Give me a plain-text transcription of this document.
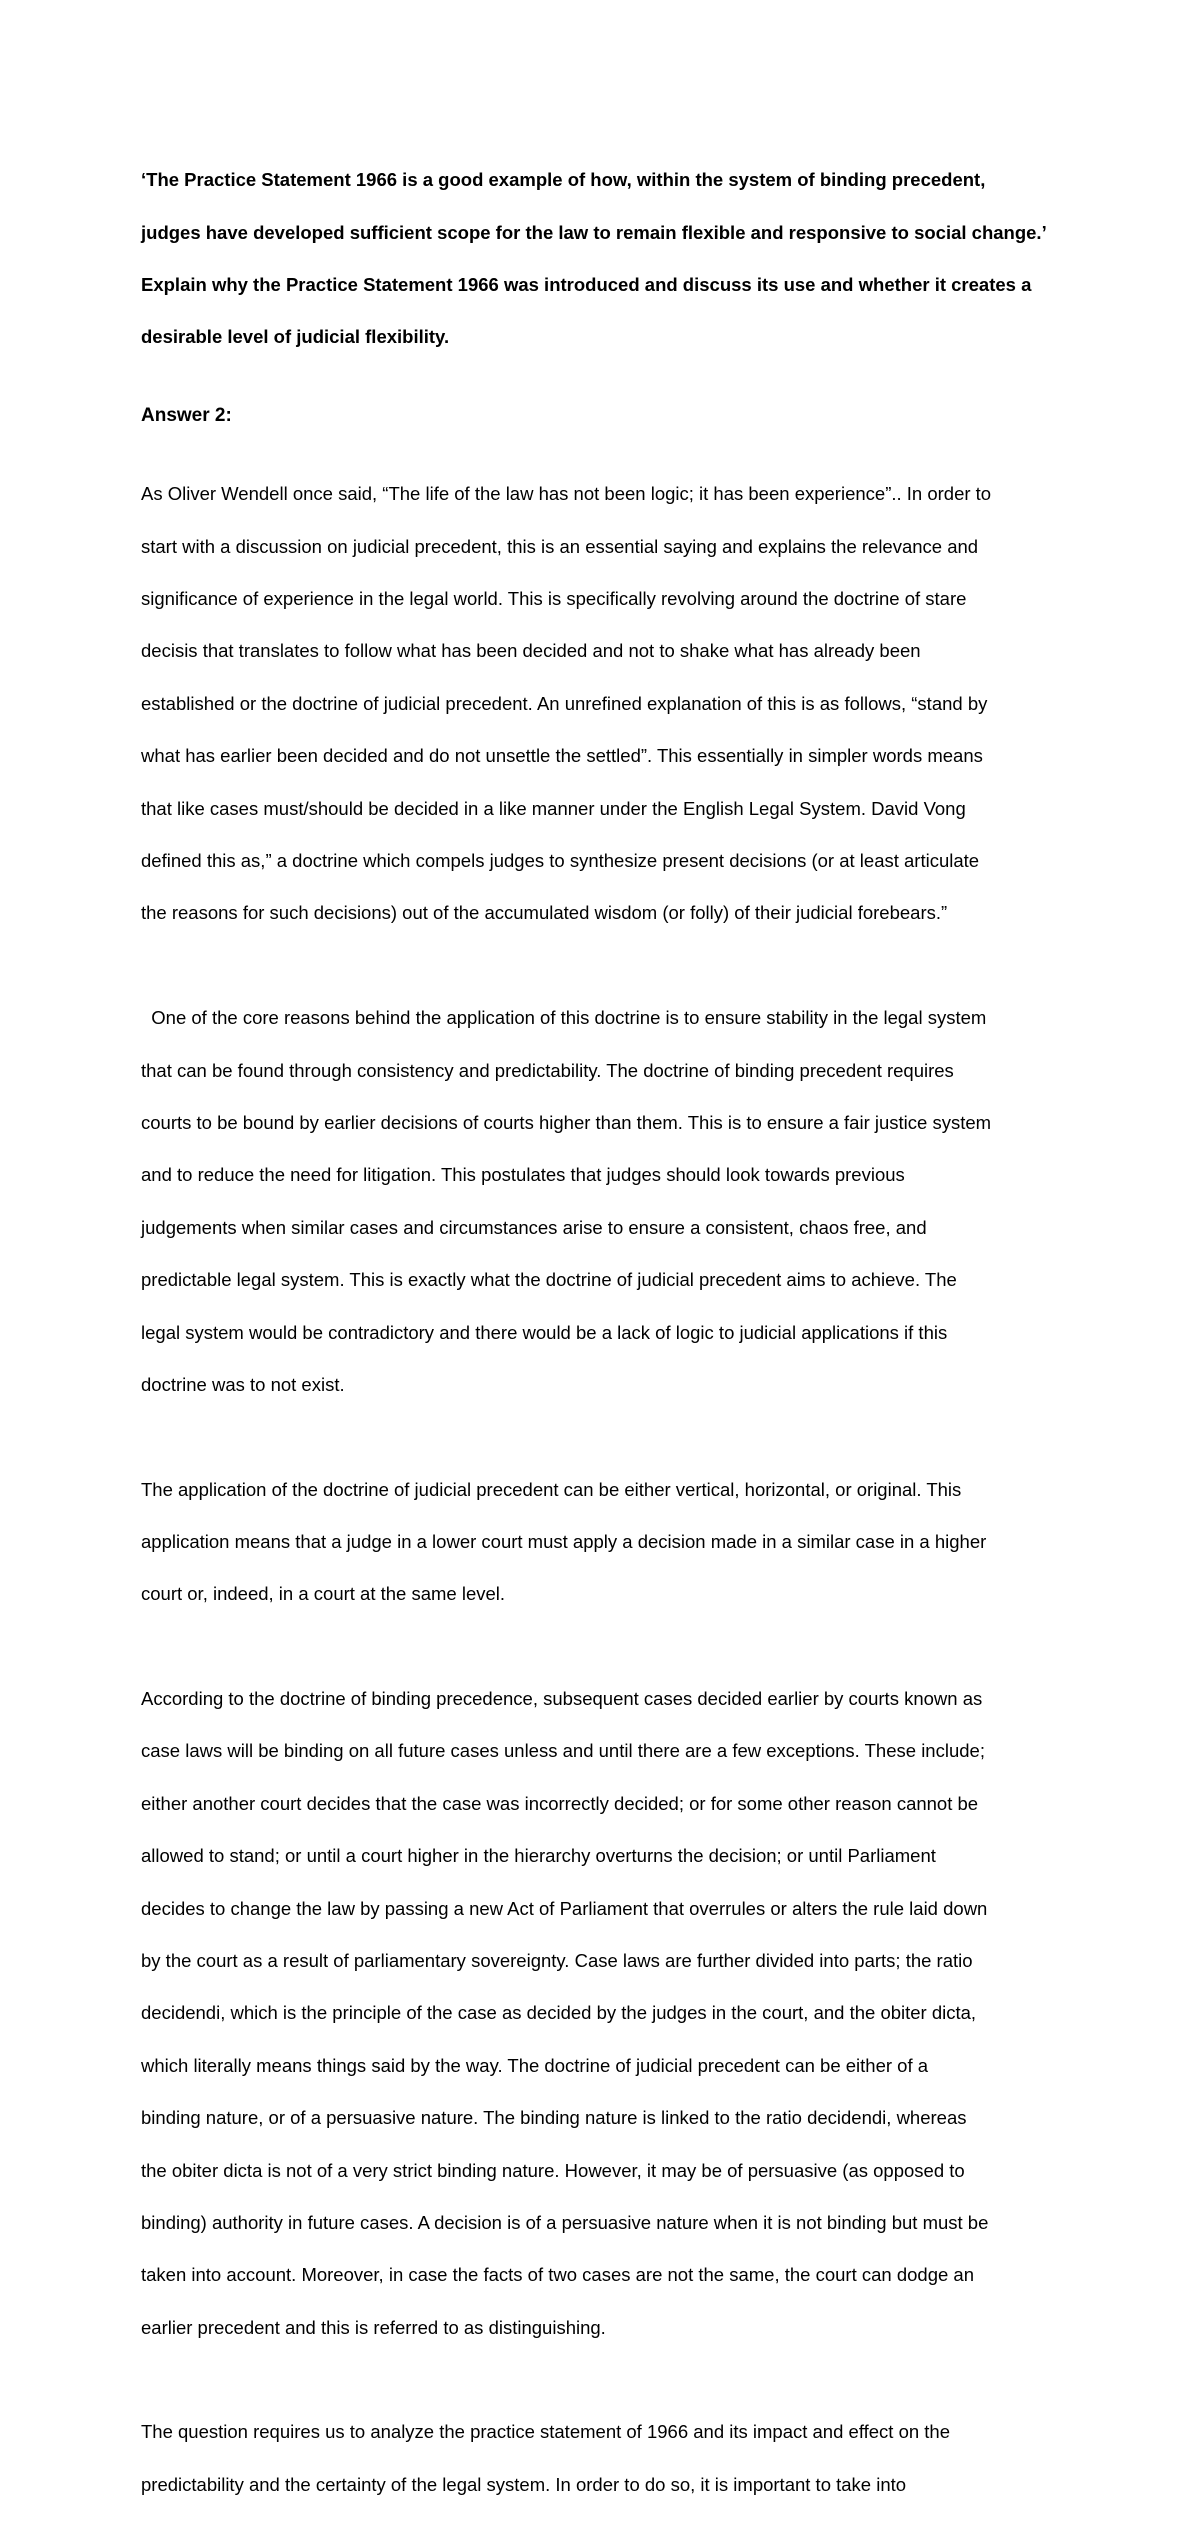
‘The Practice Statement 1966 is a good example of how, within the system of binding precedent,

judges have developed sufficient scope for the law to remain flexible and responsive to social change.’

Explain why the Practice Statement 1966 was introduced and discuss its use and whether it creates a

desirable level of judicial flexibility.

Answer 2:

As Oliver Wendell once said, “The life of the law has not been logic; it has been experience”.. In order to

start with a discussion on judicial precedent, this is an essential saying and explains the relevance and

significance of experience in the legal world. This is specifically revolving around the doctrine of stare

decisis that translates to follow what has been decided and not to shake what has already been

established or the doctrine of judicial precedent. An unrefined explanation of this is as follows, “stand by

what has earlier been decided and do not unsettle the settled”. This essentially in simpler words means

that like cases must/should be decided in a like manner under the English Legal System. David Vong

defined this as,” a doctrine which compels judges to synthesize present decisions (or at least articulate

the reasons for such decisions) out of the accumulated wisdom (or folly) of their judicial forebears.”

One of the core reasons behind the application of this doctrine is to ensure stability in the legal system

that can be found through consistency and predictability. The doctrine of binding precedent requires

courts to be bound by earlier decisions of courts higher than them. This is to ensure a fair justice system

and to reduce the need for litigation. This postulates that judges should look towards previous

judgements when similar cases and circumstances arise to ensure a consistent, chaos free, and

predictable legal system. This is exactly what the doctrine of judicial precedent aims to achieve. The

legal system would be contradictory and there would be a lack of logic to judicial applications if this

doctrine was to not exist.

The application of the doctrine of judicial precedent can be either vertical, horizontal, or original. This

application means that a judge in a lower court must apply a decision made in a similar case in a higher

court or, indeed, in a court at the same level.

According to the doctrine of binding precedence, subsequent cases decided earlier by courts known as

case laws will be binding on all future cases unless and until there are a few exceptions. These include;

either another court decides that the case was incorrectly decided; or for some other reason cannot be

allowed to stand; or until a court higher in the hierarchy overturns the decision; or until Parliament

decides to change the law by passing a new Act of Parliament that overrules or alters the rule laid down

by the court as a result of parliamentary sovereignty. Case laws are further divided into parts; the ratio

decidendi, which is the principle of the case as decided by the judges in the court, and the obiter dicta,

which literally means things said by the way. The doctrine of judicial precedent can be either of a

binding nature, or of a persuasive nature. The binding nature is linked to the ratio decidendi, whereas

the obiter dicta is not of a very strict binding nature. However, it may be of persuasive (as opposed to

binding) authority in future cases. A decision is of a persuasive nature when it is not binding but must be

taken into account. Moreover, in case the facts of two cases are not the same, the court can dodge an

earlier precedent and this is referred to as distinguishing.

The question requires us to analyze the practice statement of 1966 and its impact and effect on the

predictability and the certainty of the legal system. In order to do so, it is important to take into
